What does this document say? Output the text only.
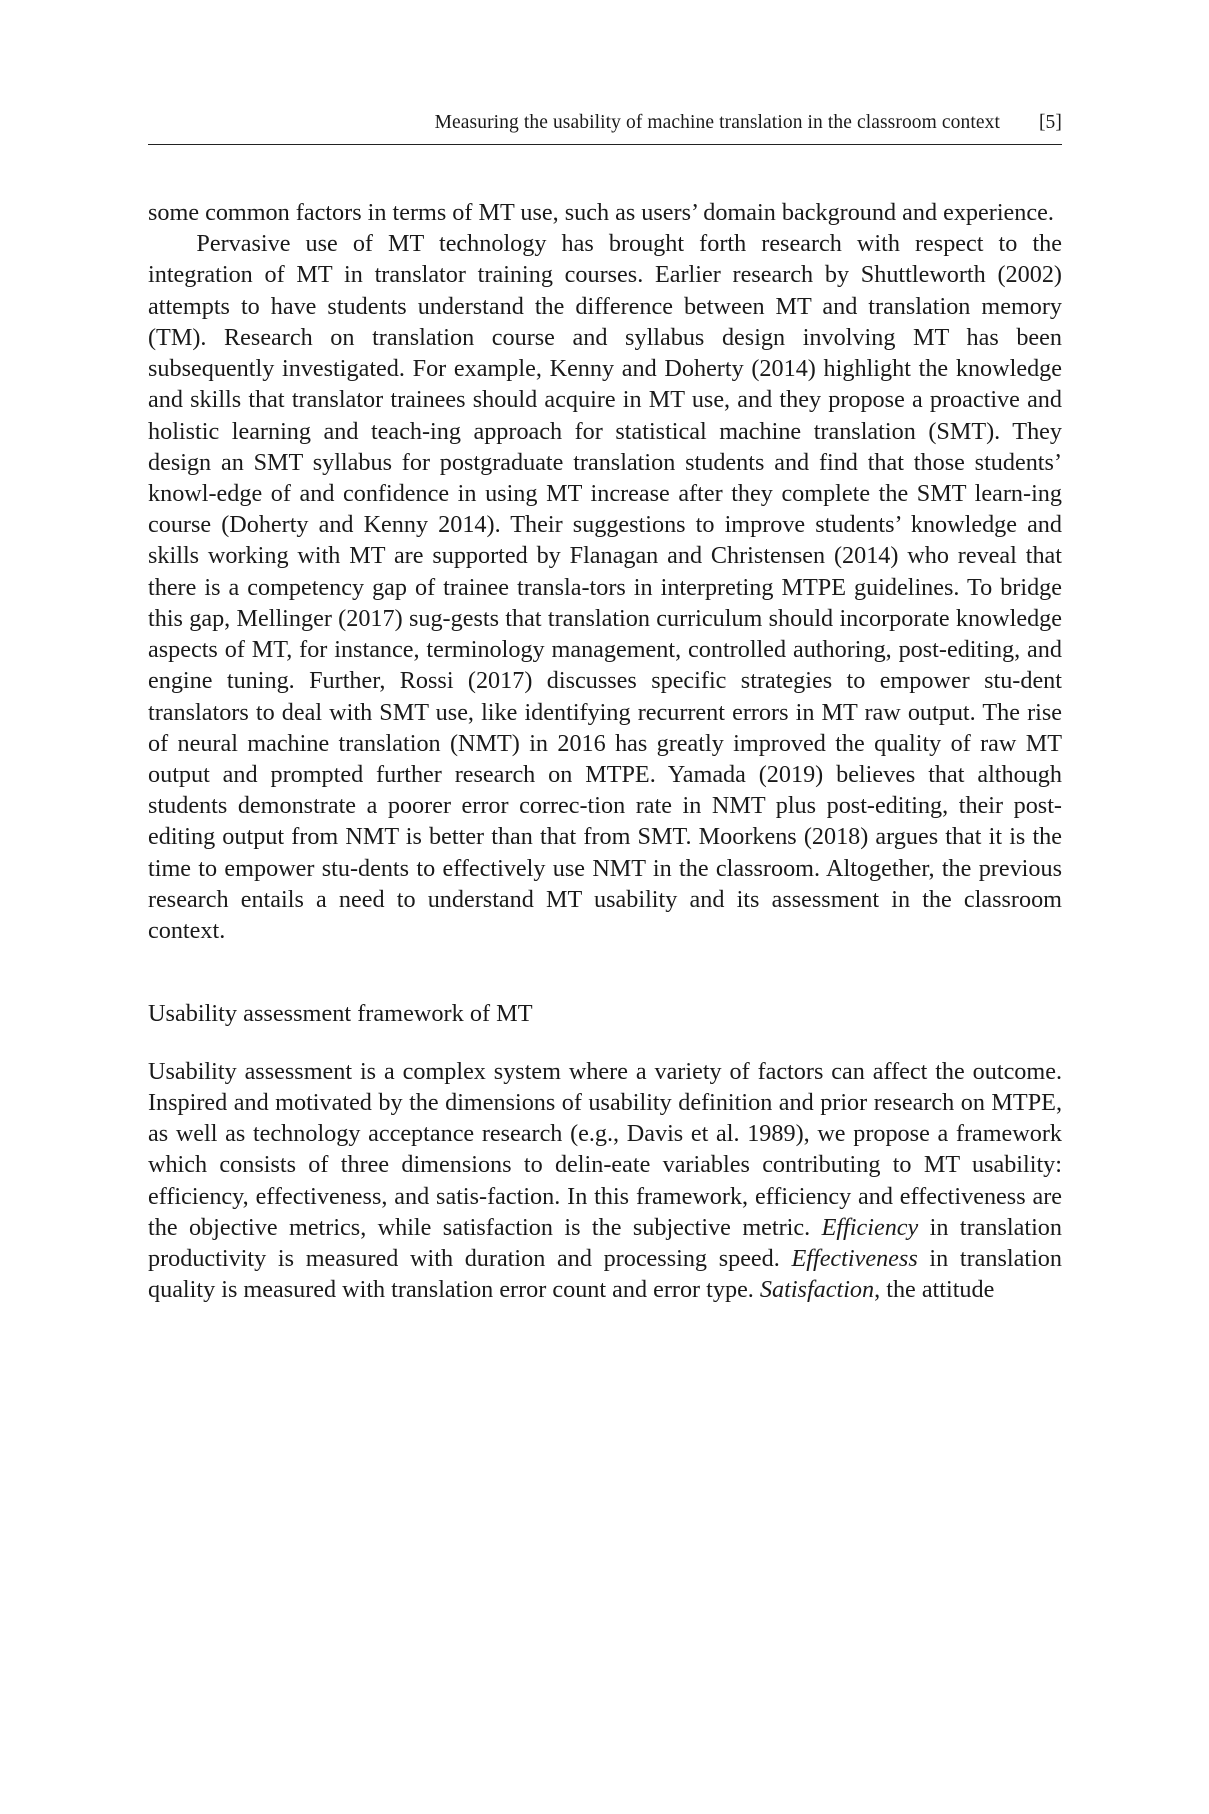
Measuring the usability of machine translation in the classroom context	[5]

some common factors in terms of MT use, such as users’ domain background and experience.

Pervasive use of MT technology has brought forth research with respect to the integration of MT in translator training courses. Earlier research by Shuttleworth (2002) attempts to have students understand the difference between MT and translation memory (TM). Research on translation course and syllabus design involving MT has been subsequently investigated. For example, Kenny and Doherty (2014) highlight the knowledge and skills that translator trainees should acquire in MT use, and they propose a proactive and holistic learning and teach-ing approach for statistical machine translation (SMT). They design an SMT syllabus for postgraduate translation students and find that those students’ knowl-edge of and confidence in using MT increase after they complete the SMT learn-ing course (Doherty and Kenny 2014). Their suggestions to improve students’ knowledge and skills working with MT are supported by Flanagan and Christensen (2014) who reveal that there is a competency gap of trainee transla-tors in interpreting MTPE guidelines. To bridge this gap, Mellinger (2017) sug-gests that translation curriculum should incorporate knowledge aspects of MT, for instance, terminology management, controlled authoring, post-editing, and engine tuning. Further, Rossi (2017) discusses specific strategies to empower stu-dent translators to deal with SMT use, like identifying recurrent errors in MT raw output. The rise of neural machine translation (NMT) in 2016 has greatly improved the quality of raw MT output and prompted further research on MTPE. Yamada (2019) believes that although students demonstrate a poorer error correc-tion rate in NMT plus post-editing, their post-editing output from NMT is better than that from SMT. Moorkens (2018) argues that it is the time to empower stu-dents to effectively use NMT in the classroom. Altogether, the previous research entails a need to understand MT usability and its assessment in the classroom context.

Usability assessment framework of MT

Usability assessment is a complex system where a variety of factors can affect the outcome. Inspired and motivated by the dimensions of usability definition and prior research on MTPE, as well as technology acceptance research (e.g., Davis et al. 1989), we propose a framework which consists of three dimensions to delin-eate variables contributing to MT usability: efficiency, effectiveness, and satis-faction. In this framework, efficiency and effectiveness are the objective metrics, while satisfaction is the subjective metric. Efficiency in translation productivity is measured with duration and processing speed. Effectiveness in translation quality is measured with translation error count and error type. Satisfaction, the attitude
